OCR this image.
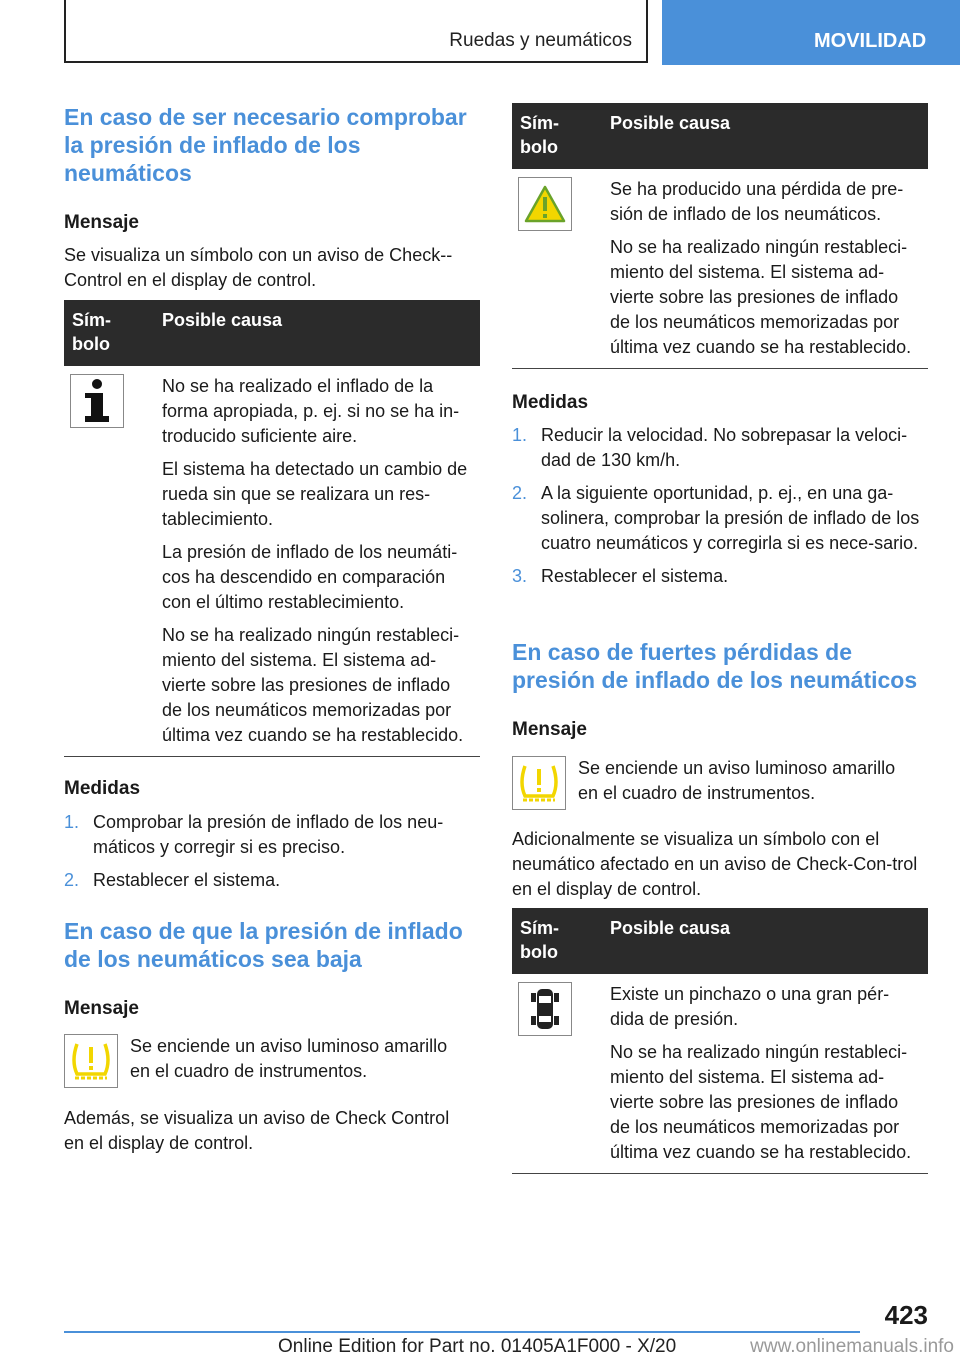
Ruedas y neumáticos	MOVILIDAD
En caso de ser necesario comprobar la presión de inflado de los neumáticos

Mensaje

Se visualiza un símbolo con un aviso de Check--Control en el display de control.

Sím-bolo	Posible causa

No se ha realizado el inflado de la forma apropiada, p. ej. si no se ha in-troducido suficiente aire.

El sistema ha detectado un cambio de rueda sin que se realizara un res-tablecimiento.

La presión de inflado de los neumáti-cos ha descendido en comparación con el último restablecimiento.

No se ha realizado ningún restableci-miento del sistema. El sistema ad-vierte sobre las presiones de inflado de los neumáticos memorizadas por última vez cuando se ha restablecido.

Medidas

1. Comprobar la presión de inflado de los neu-máticos y corregir si es preciso.
2. Restablecer el sistema.
En caso de que la presión de inflado de los neumáticos sea baja

Mensaje

Se enciende un aviso luminoso amarillo en el cuadro de instrumentos.

Además, se visualiza un aviso de Check Control en el display de control.

Sím-bolo	Posible causa

Se ha producido una pérdida de pre-sión de inflado de los neumáticos.

No se ha realizado ningún restableci-miento del sistema. El sistema ad-vierte sobre las presiones de inflado de los neumáticos memorizadas por última vez cuando se ha restablecido.

Medidas

1. Reducir la velocidad. No sobrepasar la veloci-dad de 130 km/h.
2. A la siguiente oportunidad, p. ej., en una ga-solinera, comprobar la presión de inflado de los cuatro neumáticos y corregirla si es nece-sario.
3. Restablecer el sistema.
En caso de fuertes pérdidas de presión de inflado de los neumáticos

Mensaje

Se enciende un aviso luminoso amarillo en el cuadro de instrumentos.

Adicionalmente se visualiza un símbolo con el neumático afectado en un aviso de Check-Con-trol en el display de control.

Sím-bolo	Posible causa

Existe un pinchazo o una gran pér-dida de presión.

No se ha realizado ningún restableci-miento del sistema. El sistema ad-vierte sobre las presiones de inflado de los neumáticos memorizadas por última vez cuando se ha restablecido.

423
Online Edition for Part no. 01405A1F000 - X/20	www.onlinemanuals.info
